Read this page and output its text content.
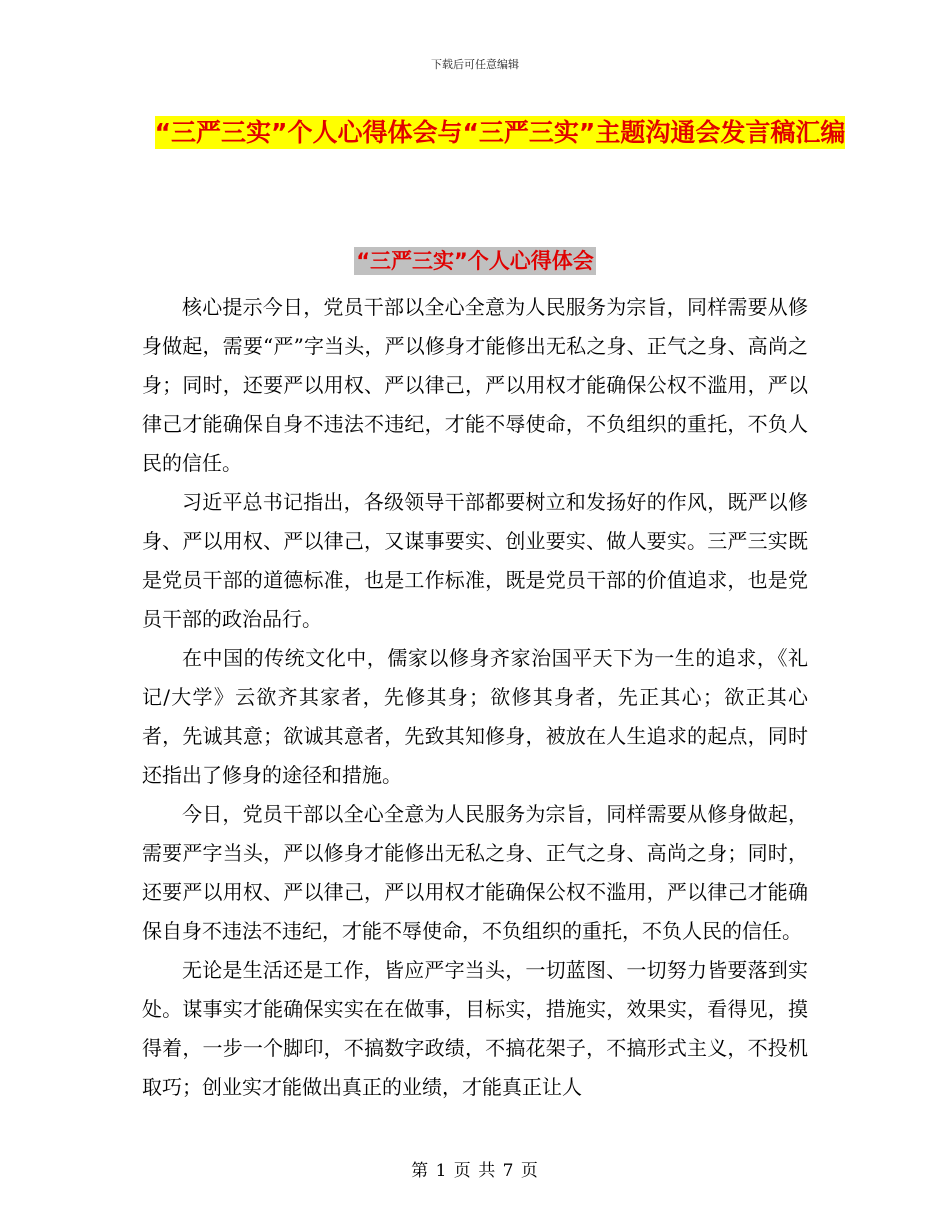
下载后可任意编辑
“三严三实”个人心得体会与“三严三实”主题沟通会发言稿汇编
“三严三实”个人心得体会

核心提示今日，党员干部以全心全意为人民服务为宗旨，同样需要从修身做起，需要“严”字当头，严以修身才能修出无私之身、正气之身、高尚之身；同时，还要严以用权、严以律己，严以用权才能确保公权不滥用，严以律己才能确保自身不违法不违纪，才能不辱使命，不负组织的重托，不负人民的信任。

习近平总书记指出，各级领导干部都要树立和发扬好的作风，既严以修身、严以用权、严以律己，又谋事要实、创业要实、做人要实。三严三实既是党员干部的道德标准，也是工作标准，既是党员干部的价值追求，也是党员干部的政治品行。

在中国的传统文化中，儒家以修身齐家治国平天下为一生的追求，《礼记/大学》云欲齐其家者，先修其身；欲修其身者，先正其心；欲正其心者，先诚其意；欲诚其意者，先致其知修身，被放在人生追求的起点，同时还指出了修身的途径和措施。

今日，党员干部以全心全意为人民服务为宗旨，同样需要从修身做起，需要严字当头，严以修身才能修出无私之身、正气之身、高尚之身；同时，还要严以用权、严以律己，严以用权才能确保公权不滥用，严以律己才能确保自身不违法不违纪，才能不辱使命，不负组织的重托，不负人民的信任。

无论是生活还是工作，皆应严字当头，一切蓝图、一切努力皆要落到实处。谋事实才能确保实实在在做事，目标实，措施实，效果实，看得见，摸得着，一步一个脚印，不搞数字政绩，不搞花架子，不搞形式主义，不投机取巧；创业实才能做出真正的业绩，才能真正让人

第 1 页 共 7 页
